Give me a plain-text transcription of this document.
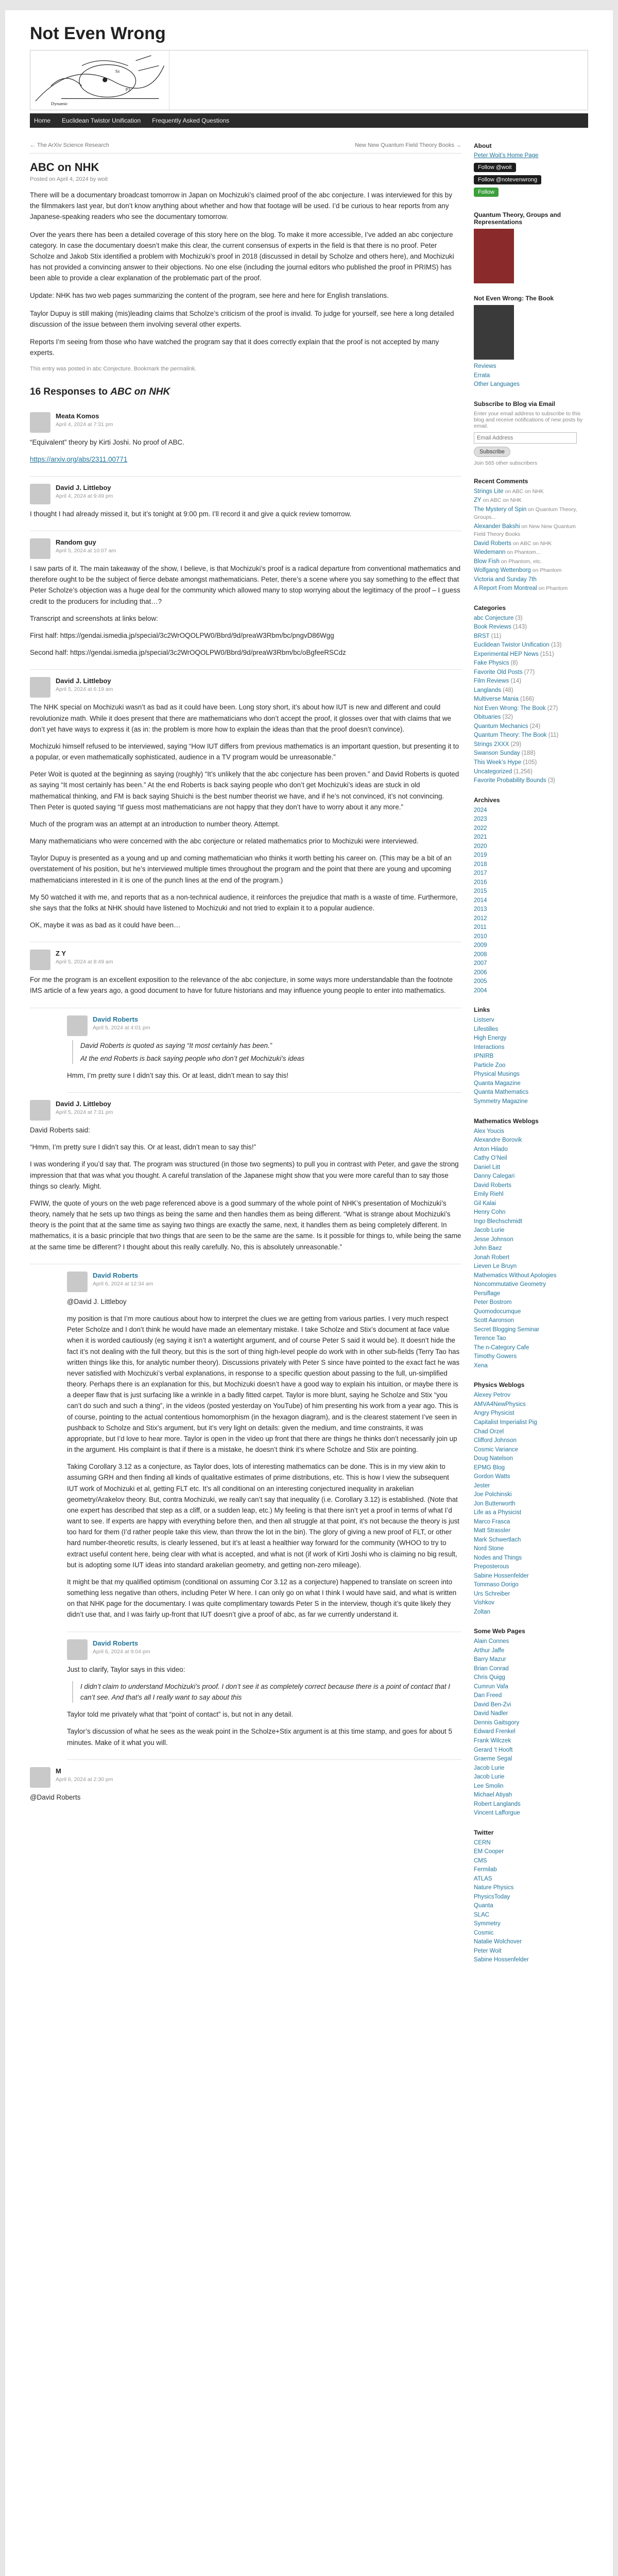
Not Even Wrong
Sz
P3
Dynamic
Home Euclidean Twistor Unification Frequently Asked Questions
← The ArXiv Science Research	New New Quantum Field Theory Books →
ABC on NHK
Posted on April 4, 2024 by woit

There will be a documentary broadcast tomorrow in Japan on Mochizuki’s claimed proof of the abc conjecture. I was interviewed for this by the filmmakers last year, but don’t know anything about whether and how that footage will be used. I’d be curious to hear reports from any Japanese-speaking readers who see the documentary tomorrow.

Over the years there has been a detailed coverage of this story here on the blog. To make it more accessible, I’ve added an abc conjecture category. In case the documentary doesn’t make this clear, the current consensus of experts in the field is that there is no proof. Peter Scholze and Jakob Stix identified a problem with Mochizuki’s proof in 2018 (discussed in detail by Scholze and others here), and Mochizuki has not provided a convincing answer to their objections. No one else (including the journal editors who published the proof in PRIMS) has been able to provide a clear explanation of the problematic part of the proof.

Update: NHK has two web pages summarizing the content of the program, see here and here for English translations.

Taylor Dupuy is still making (mis)leading claims that Scholze’s criticism of the proof is invalid. To judge for yourself, see here a long detailed discussion of the issue between them involving several other experts.

Reports I’m seeing from those who have watched the program say that it does correctly explain that the proof is not accepted by many experts.

This entry was posted in abc Conjecture. Bookmark the permalink.

16 Responses to ABC on NHK
Meata Komos
April 4, 2024 at 7:31 pm

“Equivalent” theory by Kirti Joshi. No proof of ABC.

https://arxiv.org/abs/2311.00771

David J. Littleboy
April 4, 2024 at 9:49 pm

I thought I had already missed it, but it’s tonight at 9:00 pm. I’ll record it and give a quick review tomorrow.

Random guy
April 5, 2024 at 10:07 am

I saw parts of it. The main takeaway of the show, I believe, is that Mochizuki’s proof is a radical departure from conventional mathematics and therefore ought to be the subject of fierce debate amongst mathematicians. Peter, there’s a scene where you say something to the effect that Peter Scholze’s objection was a huge deal for the community which allowed many to stop worrying about the legitimacy of the proof – I guess credit to the producers for including that…?

Transcript and screenshots at links below:

First half: https://gendai.ismedia.jp/special/3c2WrOQOLPW0/Bbrd/9d/preaW3Rbm/bc/pngvD86Wgg

Second half: https://gendai.ismedia.jp/special/3c2WrOQOLPW0/Bbrd/9d/preaW3Rbm/bc/oBgfeeRSCdz

David J. Littleboy
April 5, 2024 at 6:19 am

The NHK special on Mochizuki wasn’t as bad as it could have been. Long story short, it’s about how IUT is new and different and could revolutionize math. While it does present that there are mathematicians who don’t accept the proof, it glosses over that with claims that we don’t yet have ways to express it (as in: the problem is more how to explain the ideas than that the proof doesn’t convince).

Mochizuki himself refused to be interviewed, saying “How IUT differs from previous mathematics is an important question, but presenting it to a popular, or even mathematically sophisticated, audience in a TV program would be unreasonable.”

Peter Woit is quoted at the beginning as saying (roughly) “It’s unlikely that the abc conjecture has been proven.” and David Roberts is quoted as saying “It most certainly has been.” At the end Roberts is back saying people who don’t get Mochizuki’s ideas are stuck in old mathematical thinking, and FM is back saying Shuichi is the best number theorist we have, and if he’s not convinced, it’s not convincing. Then Peter is quoted saying “If guess most mathematicians are not happy that they don’t have to worry about it any more.”

Much of the program was an attempt at an introduction to number theory. Attempt.

Many mathematicians who were concerned with the abc conjecture or related mathematics prior to Mochizuki were interviewed.

Taylor Dupuy is presented as a young and up and coming mathematician who thinks it worth betting his career on. (This may be a bit of an overstatement of his position, but he’s interviewed multiple times throughout the program and the point that there are young and upcoming mathematicians interested in it is one of the punch lines at the end of the program.)

My 50 watched it with me, and reports that as a non-technical audience, it reinforces the prejudice that math is a waste of time. Furthermore, she says that the folks at NHK should have listened to Mochizuki and not tried to explain it to a popular audience.

OK, maybe it was as bad as it could have been…

Z Y
April 5, 2024 at 8:49 am

For me the program is an excellent exposition to the relevance of the abc conjecture, in some ways more understandable than the footnote IMS article of a few years ago, a good document to have for future historians and may influence young people to enter into mathematics.

David Roberts
April 5, 2024 at 4:01 pm

David Roberts is quoted as saying “It most certainly has been.”

At the end Roberts is back saying people who don’t get Mochizuki’s ideas

Hmm, I’m pretty sure I didn’t say this. Or at least, didn’t mean to say this!

David J. Littleboy
April 5, 2024 at 7:31 pm

David Roberts said:

“Hmm, I’m pretty sure I didn’t say this. Or at least, didn’t mean to say this!”

I was wondering if you’d say that. The program was structured (in those two segments) to pull you in contrast with Peter, and gave the strong impression that that was what you thought. A careful translation of the Japanese might show that you were more careful than to say those things so clearly. Might.

FWIW, the quote of yours on the web page referenced above is a good summary of the whole point of NHK’s presentation of Mochizuki’s theory, namely that he sets up two things as being the same and then handles them as being different. “What is strange about Mochizuki’s theory is the point that at the same time as saying two things are exactly the same, next, it handles them as being completely different. In mathematics, it is a basic principle that two things that are seen to be the same are the same. Is it possible for things to, while being the same at the same time be different? I thought about this really carefully. No, this is absolutely unreasonable.”

David Roberts
April 6, 2024 at 12:34 am

@David J. Littleboy

my position is that I’m more cautious about how to interpret the clues we are getting from various parties. I very much respect Peter Scholze and I don’t think he would have made an elementary mistake. I take Scholze and Stix’s document at face value when it is worded cautiously (eg saying it isn’t a watertight argument, and of course Peter S said it would be). It doesn’t hide the fact it’s not dealing with the full theory, but this is the sort of thing high-level people do work with in other sub-fields (Terry Tao has written things like this, for analytic number theory). Discussions privately with Peter S since have pointed to the exact fact he was never satisfied with Mochizuki’s verbal explanations, in response to a specific question about passing to the full, un-simplified theory. Perhaps there is an explanation for this, but Mochizuki doesn’t have a good way to explain his intuition, or maybe there is a deeper flaw that is just surfacing like a wrinkle in a badly fitted carpet. Taylor is more blunt, saying he Scholze and Stix “you can’t do such and such a thing”, in the videos (posted yesterday on YouTube) of him presenting his work from a year ago. This is of course, pointing to the actual contentious homomorphism (in the hexagon diagram), and is the clearest statement I’ve seen in pushback to Scholze and Stix’s argument, but it’s very light on details: given the medium, and time constraints, it was appropriate, but I’d love to hear more. Taylor is open in the video up front that there are things he thinks don’t necessarily join up in the argument. His complaint is that if there is a mistake, he doesn’t think it’s where Scholze and Stix are pointing.

Taking Corollary 3.12 as a conjecture, as Taylor does, lots of interesting mathematics can be done. This is in my view akin to assuming GRH and then finding all kinds of qualitative estimates of prime distributions, etc. This is how I view the subsequent IUT work of Mochizuki et al, getting FLT etc. It’s all conditional on an interesting conjectured inequality in arakelian geometry/Arakelov theory. But, contra Mochizuki, we really can’t say that inequality (i.e. Corollary 3.12) is established. (Note that one expert has described that step as a cliff, or a sudden leap, etc.) My feeling is that there isn’t yet a proof in terms of what I’d want to see. If experts are happy with everything before then, and then all struggle at that point, it’s not because the theory is just too hard for them (I’d rather people take this view, than throw the lot in the bin). The glory of giving a new proof of FLT, or other hard number-theoretic results, is clearly lessened, but it’s at least a healthier way forward for the community (WHOO to try to extract useful content here, being clear with what is accepted, and what is not (if work of Kirti Joshi who is claiming no big result, but is adopting some IUT ideas into standard arakelian geometry, and getting non-zero mileage).

It might be that my qualified optimism (conditional on assuming Cor 3.12 as a conjecture) happened to translate on screen into something less negative than others, including Peter W here. I can only go on what I think I would have said, and what is written on that NHK page for the documentary. I was quite complimentary towards Peter S in the interview, though it’s quite likely they didn’t use that, and I was fairly up-front that IUT doesn’t give a proof of abc, as far we currently understand it.

David Roberts
April 6, 2024 at 9:04 pm

Just to clarify, Taylor says in this video:

I didn’t claim to understand Mochizuki’s proof. I don’t see it as completely correct because there is a point of contact that I can’t see. And that’s all I really want to say about this

Taylor told me privately what that “point of contact” is, but not in any detail.

Taylor’s discussion of what he sees as the weak point in the Scholze+Stix argument is at this time stamp, and goes for about 5 minutes. Make of it what you will.

M
April 6, 2024 at 2:30 pm

@David Roberts

About
Peter Woit’s Home Page
Follow @woit
Follow @notevenwrong
Follow
Quantum Theory, Groups and Representations
Not Even Wrong: The Book
Reviews
Errata
Other Languages
Subscribe to Blog via Email
Enter your email address to subscribe to this blog and receive notifications of new posts by email.
Email Address
Subscribe
Join 565 other subscribers
Recent Comments
Strings Lite on ABC on NHK
ZY on ABC on NHK
The Mystery of Spin on Quantum Theory, Groups...
Alexander Bakshi on New New Quantum Field Theory Books
David Roberts on ABC on NHK
Wiedemann on Phantom...
Blow Fish on Phantom, etc.
Wolfgang Wettenborg on Phantom
Victoria and Sunday 7th
A Report From Montreal on Phantom
Categories
abc Conjecture (3)
Book Reviews (143)
BRST (11)
Euclidean Twistor Unification (13)
Experimental HEP News (151)
Fake Physics (8)
Favorite Old Posts (77)
Film Reviews (14)
Langlands (48)
Multiverse Mania (166)
Not Even Wrong: The Book (27)
Obituaries (32)
Quantum Mechanics (24)
Quantum Theory: The Book (11)
Strings 2XXX (29)
Swanson Sunday (188)
This Week’s Hype (105)
Uncategorized (1,256)
Favorite Probability Bounds (3)
Archives
2024
2023
2022
2021
2020
2019
2018
2017
2016
2015
2014
2013
2012
2011
2010
2009
2008
2007
2006
2005
2004
Links
Listserv
Lifestilles
High Energy
Interactions
IPNIRB
Particle Zoo
Physical Musings
Quanta Magazine
Quanta Mathematics
Symmetry Magazine
Mathematics Weblogs
Alex Youcis
Alexandre Borovik
Anton Hilado
Cathy O’Neil
Daniel Litt
Danny Calegari
David Roberts
Emily Riehl
Gil Kalai
Henry Cohn
Ingo Blechschmidt
Jacob Lurie
Jesse Johnson
John Baez
Jonah Robert
Lieven Le Bruyn
Mathematics Without Apologies
Noncommutative Geometry
Persiflage
Peter Bostrom
Quomodocumque
Scott Aaronson
Secret Blogging Seminar
Terence Tao
The n-Category Cafe
Timothy Gowers
Xena
Physics Weblogs
Alexey Petrov
AMVA4NewPhysics
Angry Physicist
Capitalist Imperialist Pig
Chad Orzel
Clifford Johnson
Cosmic Variance
Doug Natelson
EPMG Blog
Gordon Watts
Jester
Joe Polchinski
Jon Butterworth
Life as a Physicist
Marco Frasca
Matt Strassler
Mark Schwertlach
Nord Stone
Nodes and Things
Preposterous
Sabine Hossenfelder
Tommaso Dorigo
Urs Schreiber
Vishkov
Zoltan
Some Web Pages
Alain Connes
Arthur Jaffe
Barry Mazur
Brian Conrad
Chris Quigg
Cumrun Vafa
Dan Freed
David Ben-Zvi
David Nadler
Dennis Gaitsgory
Edward Frenkel
Frank Wilczek
Gerard ’t Hooft
Graeme Segal
Jacob Lurie
Jacob Lurie
Lee Smolin
Michael Atiyah
Robert Langlands
Vincent Lafforgue
Twitter
CERN
EM Cooper
CMS
Fermilab
ATLAS
Nature Physics
PhysicsToday
Quanta
SLAC
Symmetry
Cosmic
Natalie Wolchover
Peter Woit
Sabine Hossenfelder
